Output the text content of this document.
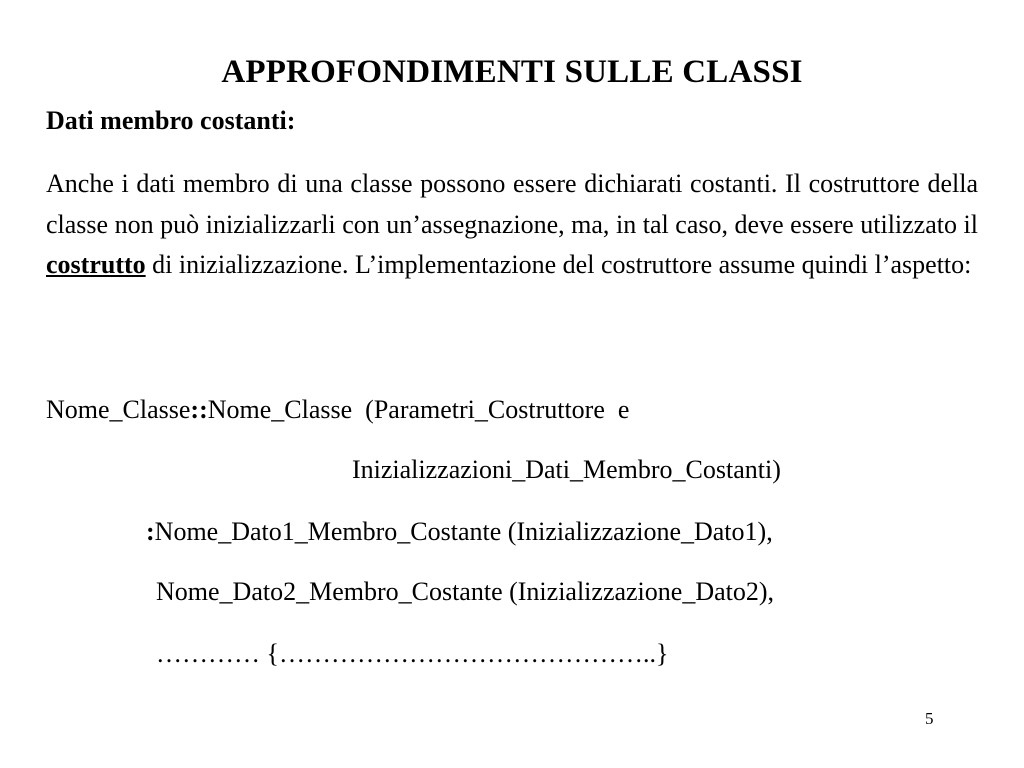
APPROFONDIMENTI SULLE CLASSI
Dati membro costanti:
Anche i dati membro di una classe possono essere dichiarati costanti. Il costruttore della classe non può inizializzarli con un’assegnazione, ma, in tal caso, deve essere utilizzato il costrutto di inizializzazione. L’implementazione del costruttore assume quindi l’aspetto:
Nome_Classe::Nome_Classe  (Parametri_Costruttore  e
Inizializzazioni_Dati_Membro_Costanti)
:Nome_Dato1_Membro_Costante (Inizializzazione_Dato1),
Nome_Dato2_Membro_Costante (Inizializzazione_Dato2),
………… {……………………………………..}
5
